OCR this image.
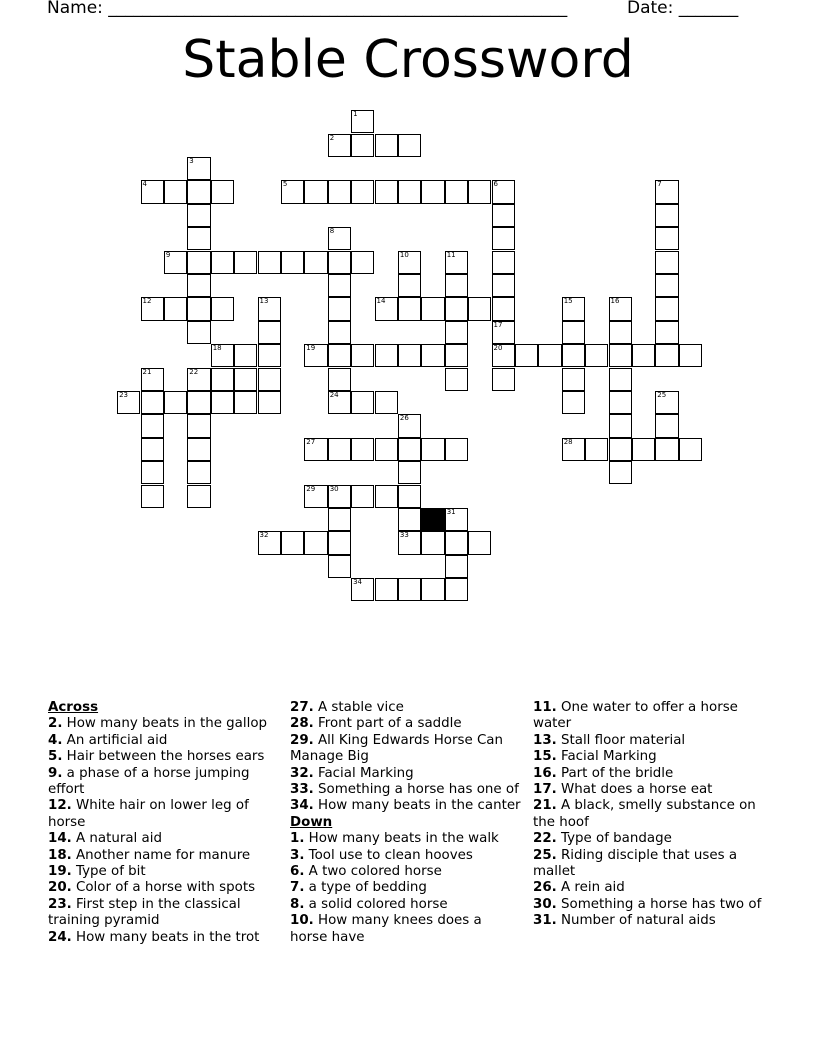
Name: ______________________________________________________	Date: _______
Stable Crossword
1
2
3
4	5	6	7
8
9	10	11
12	13	14	15	16
17
18	19	20
21	22
23	24	25
26
27	28
29 30
31
32	33
34
Across
2. How many beats in the gallop
4. An artificial aid
5. Hair between the horses ears
9. a phase of a horse jumping effort
12. White hair on lower leg of horse
14. A natural aid
18. Another name for manure
19. Type of bit
20. Color of a horse with spots
23. First step in the classical training pyramid
24. How many beats in the trot
27. A stable vice
28. Front part of a saddle
29. All King Edwards Horse Can Manage Big
32. Facial Marking
33. Something a horse has one of
34. How many beats in the canter
Down
1. How many beats in the walk
3. Tool use to clean hooves
6. A two colored horse
7. a type of bedding
8. a solid colored horse
10. How many knees does a horse have
11. One water to offer a horse water
13. Stall floor material
15. Facial Marking
16. Part of the bridle
17. What does a horse eat
21. A black, smelly substance on the hoof
22. Type of bandage
25. Riding disciple that uses a mallet
26. A rein aid
30. Something a horse has two of
31. Number of natural aids
